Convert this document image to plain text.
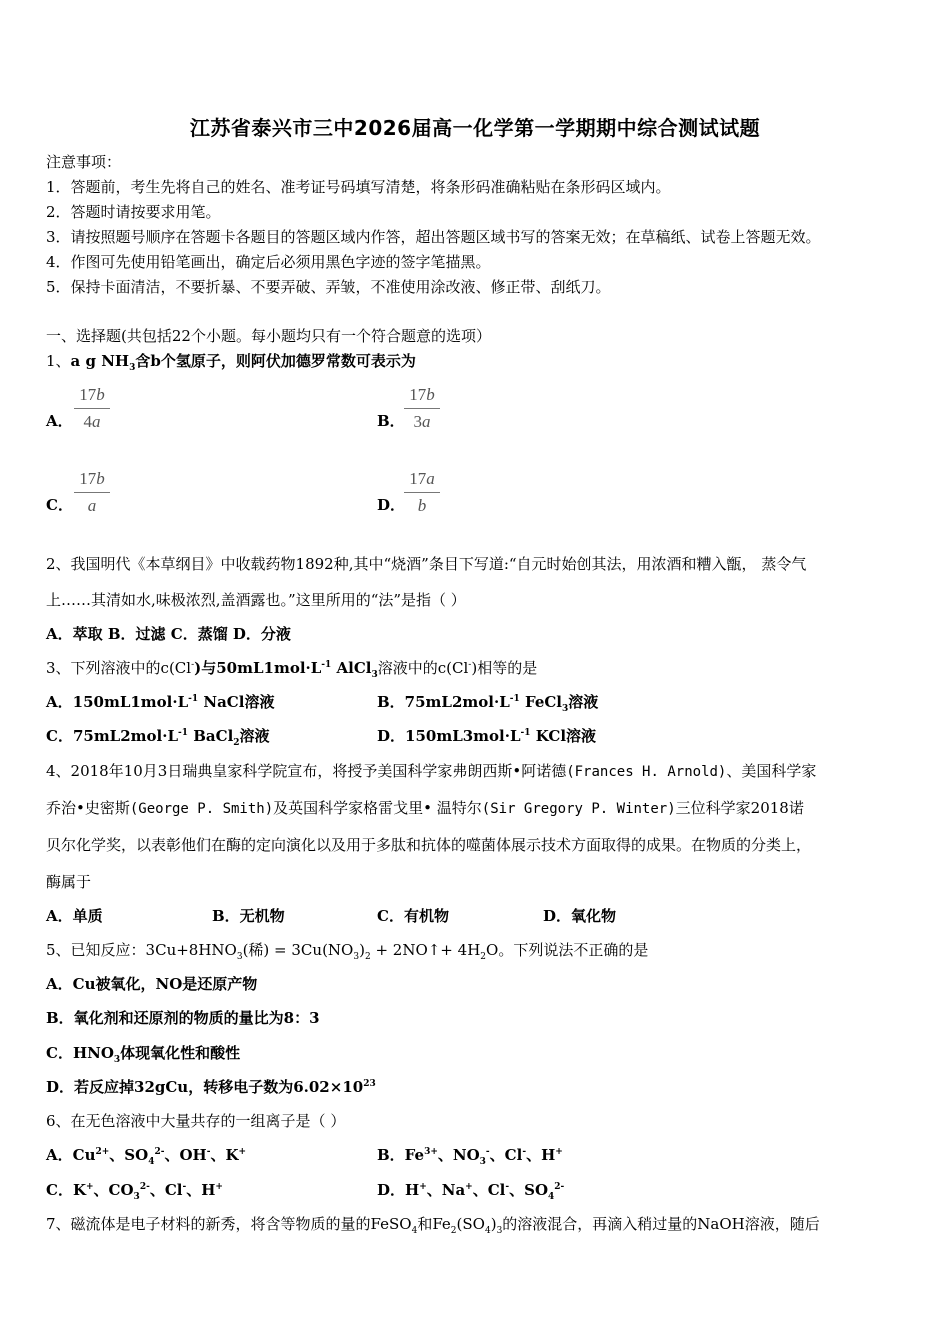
江苏省泰兴市三中2026届高一化学第一学期期中综合测试试题
注意事项：
1．答题前，考生先将自己的姓名、准考证号码填写清楚，将条形码准确粘贴在条形码区域内。
2．答题时请按要求用笔。
3．请按照题号顺序在答题卡各题目的答题区域内作答，超出答题区域书写的答案无效；在草稿纸、试卷上答题无效。
4．作图可先使用铅笔画出，确定后必须用黑色字迹的签字笔描黑。
5．保持卡面清洁，不要折暴、不要弄破、弄皱，不准使用涂改液、修正带、刮纸刀。
一、选择题(共包括22个小题。每小题均只有一个符合题意的选项）
1、a g $NH_3$含b个氢原子，则阿伏加德罗常数可表示为
A．
17b
4a	B．
17b
3a
C．
17b
a	D．
17a
b
2、我国明代《本草纲目》中收载药物1892种,其中“烧酒”条目下写道:“自元时始创其法，用浓酒和糟入甑， 蒸令气
上……其清如水,味极浓烈,盖酒露也。”这里所用的“法”是指（ ）
A．萃取 B．过滤 C．蒸馏 D．分液
3、下列溶液中的c(Cl-)与$50mL1mol\cdot L^{-1}$ AlCl$_3$溶液中的c(Cl-)相等的是
A．$150mL1mol\cdot L^{-1}$ NaCl溶液	B．$75mL2mol\cdot L^{-1}$ FeCl$_3$溶液
C．$75mL2mol\cdot L^{-1}$ BaCl$_2$溶液	D．$150mL3mol\cdot L^{-1}$ KCl溶液
4、2018年10月3日瑞典皇家科学院宣布，将授予美国科学家弗朗西斯•阿诺德(Frances H. Arnold)、美国科学家
乔治•史密斯(George P. Smith)及英国科学家格雷戈里• 温特尔(Sir Gregory P. Winter)三位科学家2018诺
贝尔化学奖，以表彰他们在酶的定向演化以及用于多肽和抗体的噬菌体展示技术方面取得的成果。在物质的分类上，
酶属于
A．单质	B．无机物	C．有机物	D．氧化物
5、已知反应：$3Cu+8HNO_3$(稀) = $3Cu(NO_3)_2$ + 2NO↑+ $4H_2O$。下列说法不正确的是
A．Cu被氧化，NO是还原产物
B．氧化剂和还原剂的物质的量比为8：3
C．$HNO_3$体现氧化性和酸性
D．若反应掉32gCu，转移电子数为$6.02\times 10^{23}$
6、在无色溶液中大量共存的一组离子是（ ）
A．$Cu^{2+}$、$SO_4^{2-}$、OH-、K+	B．$Fe^{3+}$、$NO_3^-$、Cl-、H+
C．K+、$CO_3^{2-}$、Cl-、H+	D．H+、Na+、Cl-、$SO_4^{2-}$
7、磁流体是电子材料的新秀，将含等物质的量的FeSO$_4$和$Fe_2(SO_4)_3$的溶液混合，再滴入稍过量的NaOH溶液，随后
